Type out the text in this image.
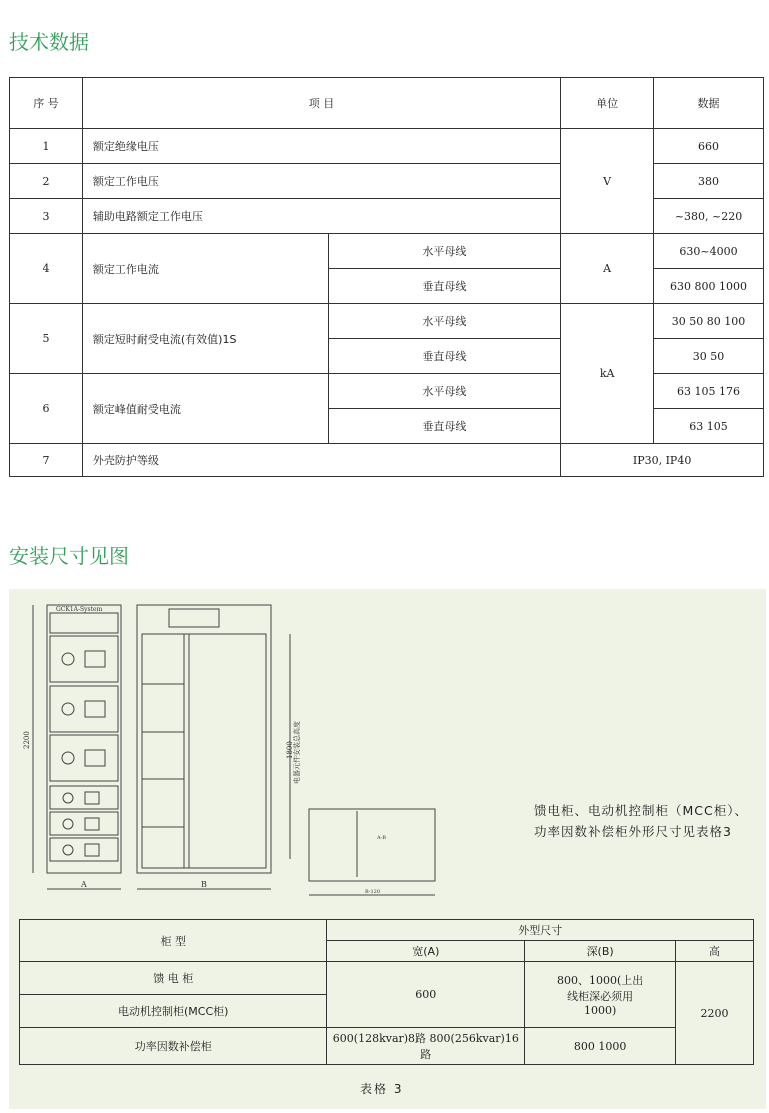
技术数据
序 号	项 目		单位	数据
1	额定绝缘电压		V	660
2	额定工作电压			380
3	辅助电路额定工作电压			~380, ~220
4	额定工作电流	水平母线	A	630~4000
		垂直母线		630 800 1000
5	额定短时耐受电流(有效值)1S	水平母线	kA	30 50 80 100
		垂直母线		30 50
6	额定峰值耐受电流	水平母线		63 105 176
		垂直母线		63 105
7	外壳防护等级		IP30, IP40	
安装尺寸见图
GCK1A-System
2200
A	B
1800 电器元件安装总高度
A-B
B-120
馈电柜、电动机控制柜（MCC柜）、功率因数补偿柜外形尺寸见表格3
柜 型	外型尺寸		
	宽(A)	深(B)	高
馈 电 柜	600	800、1000(上出线柜深必须用1000)	2200
电动机控制柜(MCC柜)			
功率因数补偿柜	600(128kvar)8路 800(256kvar)16路	800 1000	
表格 3
